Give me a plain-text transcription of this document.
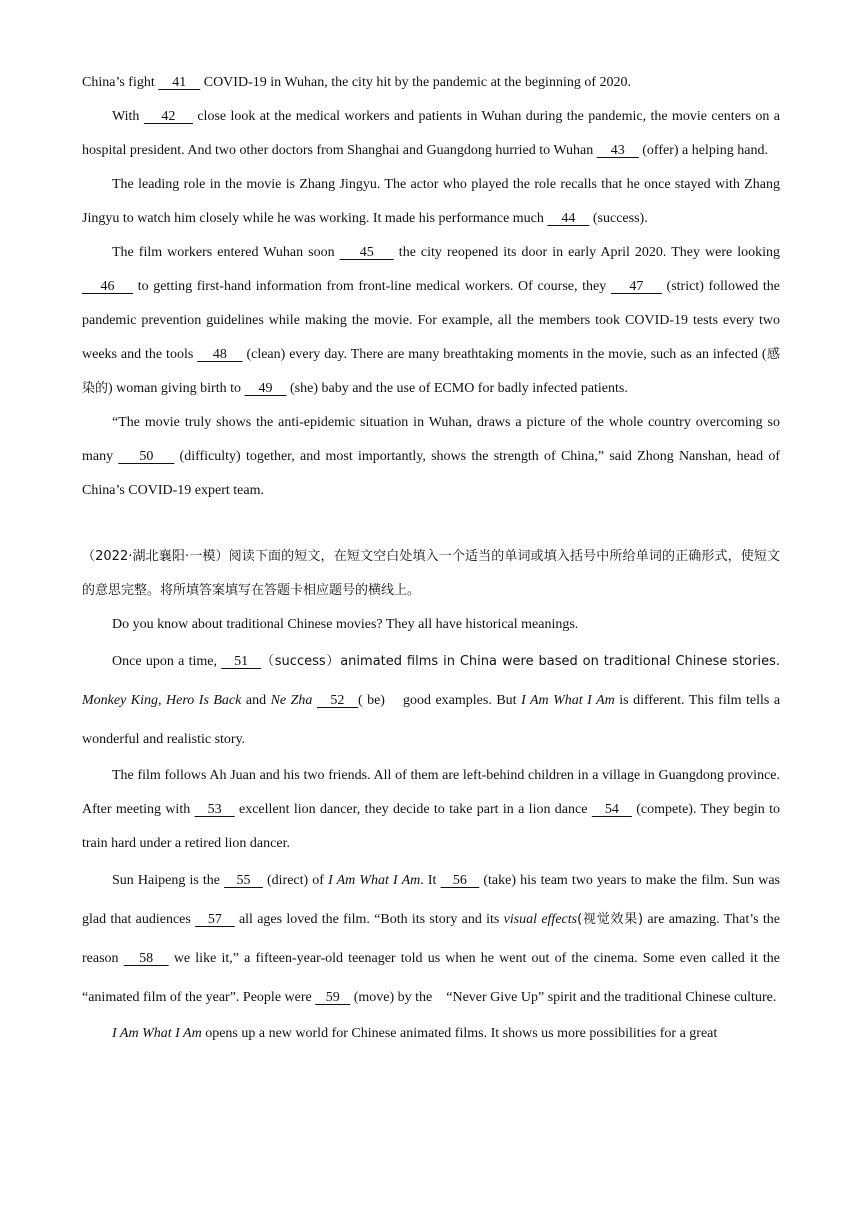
China’s fight     41     COVID-19 in Wuhan, the city hit by the pandemic at the beginning of 2020.

With     42     close look at the medical workers and patients in Wuhan during the pandemic, the movie centers on a hospital president. And two other doctors from Shanghai and Guangdong hurried to Wuhan     43     (offer) a helping hand.

The leading role in the movie is Zhang Jingyu. The actor who played the role recalls that he once stayed with Zhang Jingyu to watch him closely while he was working. It made his performance much     44     (success).

The film workers entered Wuhan soon     45     the city reopened its door in early April 2020. They were looking     46     to getting first-hand information from front-line medical workers. Of course, they     47     (strict) followed the pandemic prevention guidelines while making the movie. For example, all the members took COVID-19 tests every two weeks and the tools     48     (clean) every day. There are many breathtaking moments in the movie, such as an infected (感染的) woman giving birth to     49     (she) baby and the use of ECMO for badly infected patients.

“The movie truly shows the anti-epidemic situation in Wuhan, draws a picture of the whole country overcoming so many     50     (difficulty) together, and most importantly, shows the strength of China,” said Zhong Nanshan, head of China’s COVID-19 expert team.

（2022·湖北襄阳·一模）阅读下面的短文，在短文空白处填入一个适当的单词或填入括号中所给单词的正确形式，使短文的意思完整。将所填答案填写在答题卡相应题号的横线上。

Do you know about traditional Chinese movies? They all have historical meanings.

Once upon a time,    51   （success）animated films in China were based on traditional Chinese stories. Monkey King, Hero Is Back and Ne Zha    52   ( be)    good examples. But I Am What I Am is different. This film tells a wonderful and realistic story.

The film follows Ah Juan and his two friends. All of them are left-behind children in a village in Guangdong province. After meeting with    53    excellent lion dancer, they decide to take part in a lion dance    54    (compete). They begin to train hard under a retired lion dancer.

Sun Haipeng is the    55    (direct) of I Am What I Am. It    56    (take) his team two years to make the film. Sun was glad that audiences    57    all ages loved the film. “Both its story and its visual effects(视觉效果) are amazing. That’s the reason    58    we like it,” a fifteen-year-old teenager told us when he went out of the cinema. Some even called it the “animated film of the year”. People were    59    (move) by the    “Never Give Up” spirit and the traditional Chinese culture.

I Am What I Am opens up a new world for Chinese animated films. It shows us more possibilities for a great
